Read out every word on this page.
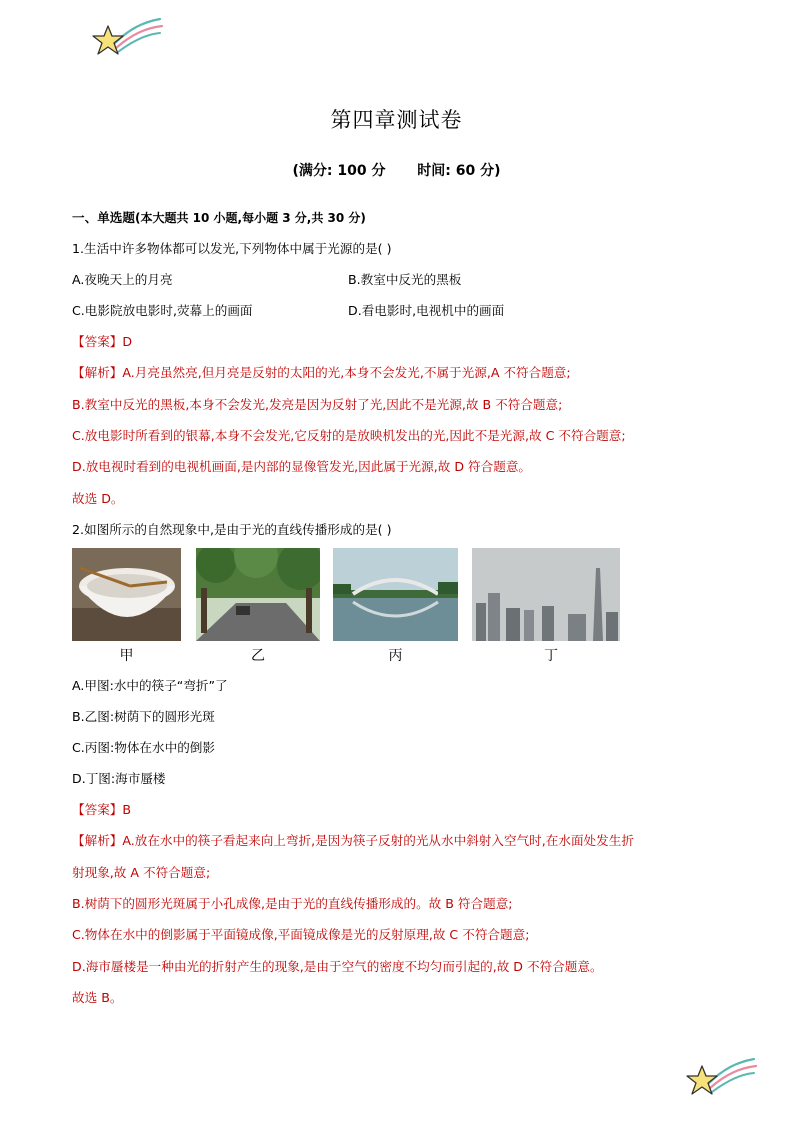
第四章测试卷
(满分: 100 分 时间: 60 分)
一、单选题(本大题共 10 小题,每小题 3 分,共 30 分)
1.生活中许多物体都可以发光,下列物体中属于光源的是( )
A.夜晚天上的月亮	B.教室中反光的黑板
C.电影院放电影时,荧幕上的画面	D.看电影时,电视机中的画面
【答案】D
【解析】A.月亮虽然亮,但月亮是反射的太阳的光,本身不会发光,不属于光源,A 不符合题意;
B.教室中反光的黑板,本身不会发光,发亮是因为反射了光,因此不是光源,故 B 不符合题意;
C.放电影时所看到的银幕,本身不会发光,它反射的是放映机发出的光,因此不是光源,故 C 不符合题意;
D.放电视时看到的电视机画面,是内部的显像管发光,因此属于光源,故 D 符合题意。
故选 D。
2.如图所示的自然现象中,是由于光的直线传播形成的是( )
甲	乙	丙	丁
A.甲图:水中的筷子“弯折”了
B.乙图:树荫下的圆形光斑
C.丙图:物体在水中的倒影
D.丁图:海市蜃楼
【答案】B
【解析】A.放在水中的筷子看起来向上弯折,是因为筷子反射的光从水中斜射入空气时,在水面处发生折
射现象,故 A 不符合题意;
B.树荫下的圆形光斑属于小孔成像,是由于光的直线传播形成的。故 B 符合题意;
C.物体在水中的倒影属于平面镜成像,平面镜成像是光的反射原理,故 C 不符合题意;
D.海市蜃楼是一种由光的折射产生的现象,是由于空气的密度不均匀而引起的,故 D 不符合题意。
故选 B。
